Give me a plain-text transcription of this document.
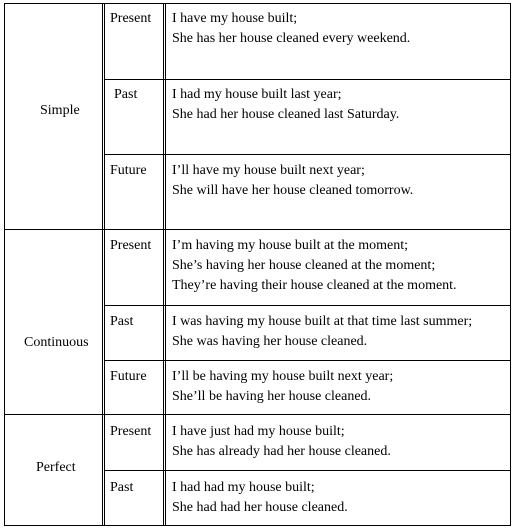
Simple
Continuous
Perfect
Present I have my house built;
She has her house cleaned every weekend.
Past I had my house built last year;
She had her house cleaned last Saturday.
Future I’ll have my house built next year;
She will have her house cleaned tomorrow.
Present I’m having my house built at the moment;
She’s having her house cleaned at the moment;
They’re having their house cleaned at the moment.
Past	I was having my house built at that time last summer;
She was having her house cleaned.
Future I’ll be having my house built next year;
She’ll be having her house cleaned.
Present I have just had my house built;
She has already had her house cleaned.
Past	I had had my house built;
She had had her house cleaned.
